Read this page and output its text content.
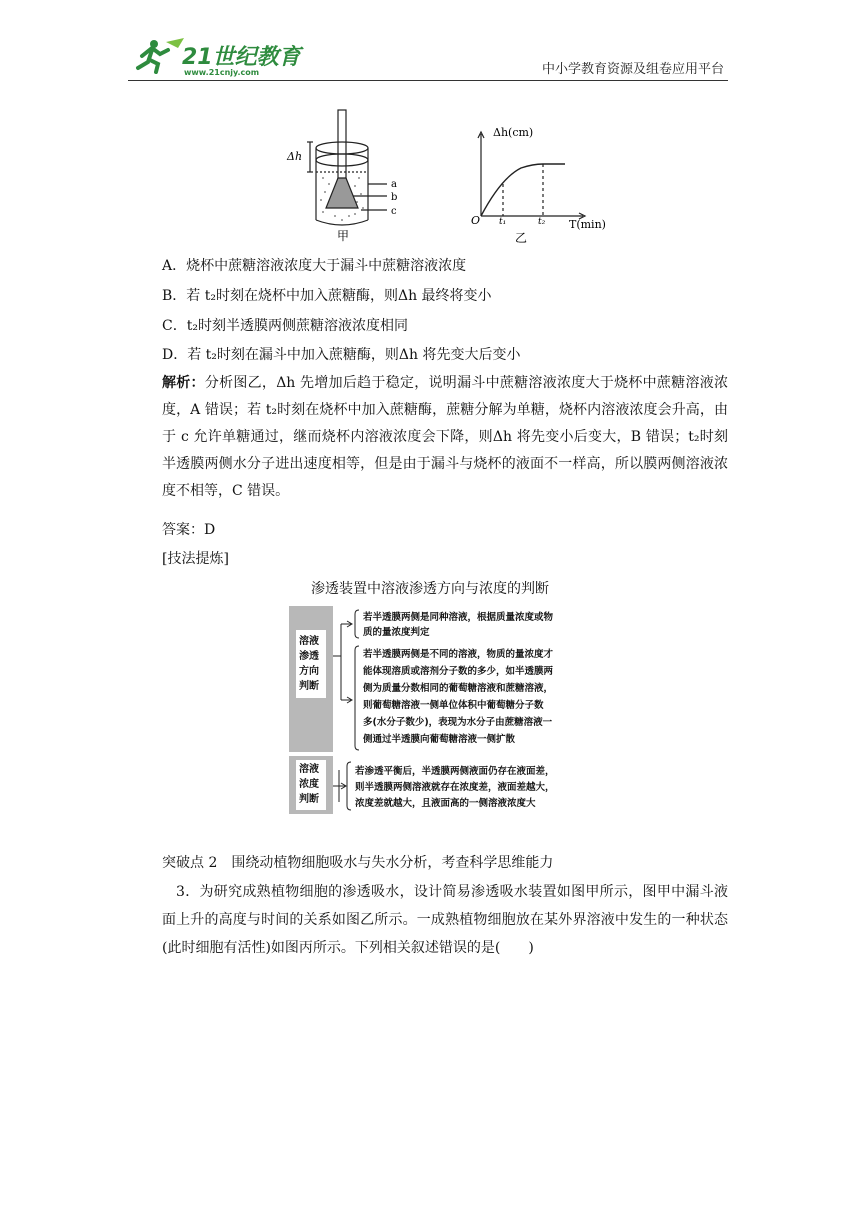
21世纪教育
www.21cnjy.com	中小学教育资源及组卷应用平台
Δh
a
b
c
甲
Δh(cm)
O t₁	t₂ T(min)
乙
A．烧杯中蔗糖溶液浓度大于漏斗中蔗糖溶液浓度
B．若 t₂时刻在烧杯中加入蔗糖酶，则Δh 最终将变小
C．t₂时刻半透膜两侧蔗糖溶液浓度相同
D．若 t₂时刻在漏斗中加入蔗糖酶，则Δh 将先变大后变小
解析：分析图乙，Δh 先增加后趋于稳定，说明漏斗中蔗糖溶液浓度大于烧杯中蔗糖溶液浓度，A 错误；若 t₂时刻在烧杯中加入蔗糖酶，蔗糖分解为单糖，烧杯内溶液浓度会升高，由于 c 允许单糖通过，继而烧杯内溶液浓度会下降，则Δh 将先变小后变大，B 错误；t₂时刻半透膜两侧水分子进出速度相等，但是由于漏斗与烧杯的液面不一样高，所以膜两侧溶液浓度不相等，C 错误。
答案：D
[技法提炼]
渗透装置中溶液渗透方向与浓度的判断
溶液
渗透
方向
判断
溶液
浓度
判断
若半透膜两侧是同种溶液，根据质量浓度或物
质的量浓度判定
若半透膜两侧是不同的溶液，物质的量浓度才
能体现溶质或溶剂分子数的多少，如半透膜两
侧为质量分数相同的葡萄糖溶液和蔗糖溶液，
则葡萄糖溶液一侧单位体积中葡萄糖分子数
多(水分子数少)，表现为水分子由蔗糖溶液一
侧通过半透膜向葡萄糖溶液一侧扩散
若渗透平衡后，半透膜两侧液面仍存在液面差，
则半透膜两侧溶液就存在浓度差，液面差越大，
浓度差就越大，且液面高的一侧溶液浓度大
突破点 2　围绕动植物细胞吸水与失水分析，考查科学思维能力
3．为研究成熟植物细胞的渗透吸水，设计简易渗透吸水装置如图甲所示，图甲中漏斗液面上升的高度与时间的关系如图乙所示。一成熟植物细胞放在某外界溶液中发生的一种状态(此时细胞有活性)如图丙所示。下列相关叙述错误的是(　　)
